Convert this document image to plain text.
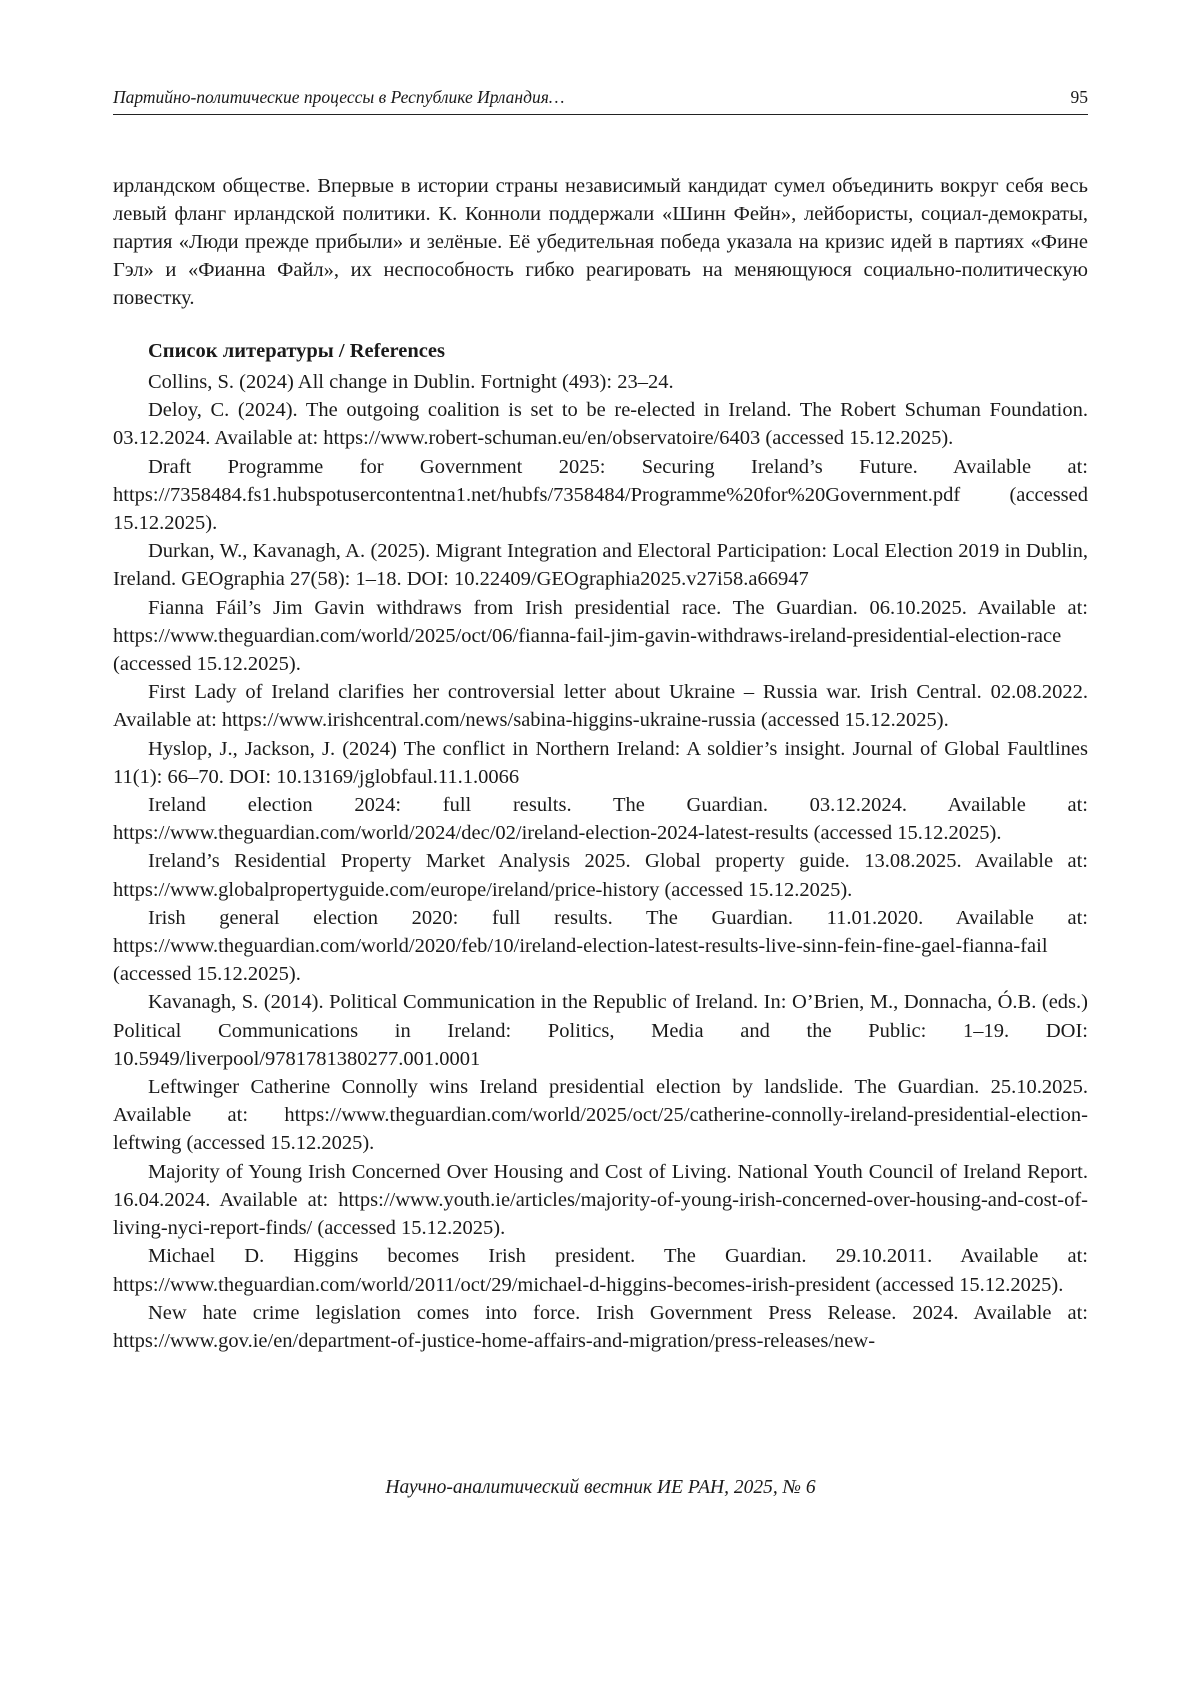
Партийно-политические процессы в Республике Ирландия…	95

ирландском обществе. Впервые в истории страны независимый кандидат сумел объединить вокруг себя весь левый фланг ирландской политики. К. Конноли поддержали «Шинн Фейн», лейбористы, социал-демократы, партия «Люди прежде прибыли» и зелёные. Её убедительная победа указала на кризис идей в партиях «Фине Гэл» и «Фианна Файл», их неспособность гибко реагировать на меняющуюся социально-политическую повестку.

Список литературы / References

Collins, S. (2024) All change in Dublin. Fortnight (493): 23–24.
Deloy, C. (2024). The outgoing coalition is set to be re-elected in Ireland. The Robert Schuman Foundation. 03.12.2024. Available at: https://www.robert-schuman.eu/en/observatoire/6403 (accessed 15.12.2025).
Draft Programme for Government 2025: Securing Ireland’s Future. Available at: https://7358484.fs1.hubspotusercontentna1.net/hubfs/7358484/Programme%20for%20Government.pdf (accessed 15.12.2025).
Durkan, W., Kavanagh, A. (2025). Migrant Integration and Electoral Participation: Local Election 2019 in Dublin, Ireland. GEOgraphia 27(58): 1–18. DOI: 10.22409/GEOgraphia2025.v27i58.a66947
Fianna Fáil’s Jim Gavin withdraws from Irish presidential race. The Guardian. 06.10.2025. Available at: https://www.theguardian.com/world/2025/oct/06/fianna-fail-jim-gavin-withdraws-ireland-presidential-election-race (accessed 15.12.2025).
First Lady of Ireland clarifies her controversial letter about Ukraine – Russia war. Irish Central. 02.08.2022. Available at: https://www.irishcentral.com/news/sabina-higgins-ukraine-russia (accessed 15.12.2025).
Hyslop, J., Jackson, J. (2024) The conflict in Northern Ireland: A soldier’s insight. Journal of Global Faultlines 11(1): 66–70. DOI: 10.13169/jglobfaul.11.1.0066
Ireland election 2024: full results. The Guardian. 03.12.2024. Available at: https://www.theguardian.com/world/2024/dec/02/ireland-election-2024-latest-results (accessed 15.12.2025).
Ireland’s Residential Property Market Analysis 2025. Global property guide. 13.08.2025. Available at: https://www.globalpropertyguide.com/europe/ireland/price-history (accessed 15.12.2025).
Irish general election 2020: full results. The Guardian. 11.01.2020. Available at: https://www.theguardian.com/world/2020/feb/10/ireland-election-latest-results-live-sinn-fein-fine-gael-fianna-fail (accessed 15.12.2025).
Kavanagh, S. (2014). Political Communication in the Republic of Ireland. In: O’Brien, M., Donnacha, Ó.B. (eds.) Political Communications in Ireland: Politics, Media and the Public: 1–19. DOI: 10.5949/liverpool/9781781380277.001.0001
Leftwinger Catherine Connolly wins Ireland presidential election by landslide. The Guardian. 25.10.2025. Available at: https://www.theguardian.com/world/2025/oct/25/catherine-connolly-ireland-presidential-election-leftwing (accessed 15.12.2025).
Majority of Young Irish Concerned Over Housing and Cost of Living. National Youth Council of Ireland Report. 16.04.2024. Available at: https://www.youth.ie/articles/majority-of-young-irish-concerned-over-housing-and-cost-of-living-nyci-report-finds/ (accessed 15.12.2025).
Michael D. Higgins becomes Irish president. The Guardian. 29.10.2011. Available at: https://www.theguardian.com/world/2011/oct/29/michael-d-higgins-becomes-irish-president (accessed 15.12.2025).
New hate crime legislation comes into force. Irish Government Press Release. 2024. Available at: https://www.gov.ie/en/department-of-justice-home-affairs-and-migration/press-releases/new-
Научно-аналитический вестник ИЕ РАН, 2025, № 6
